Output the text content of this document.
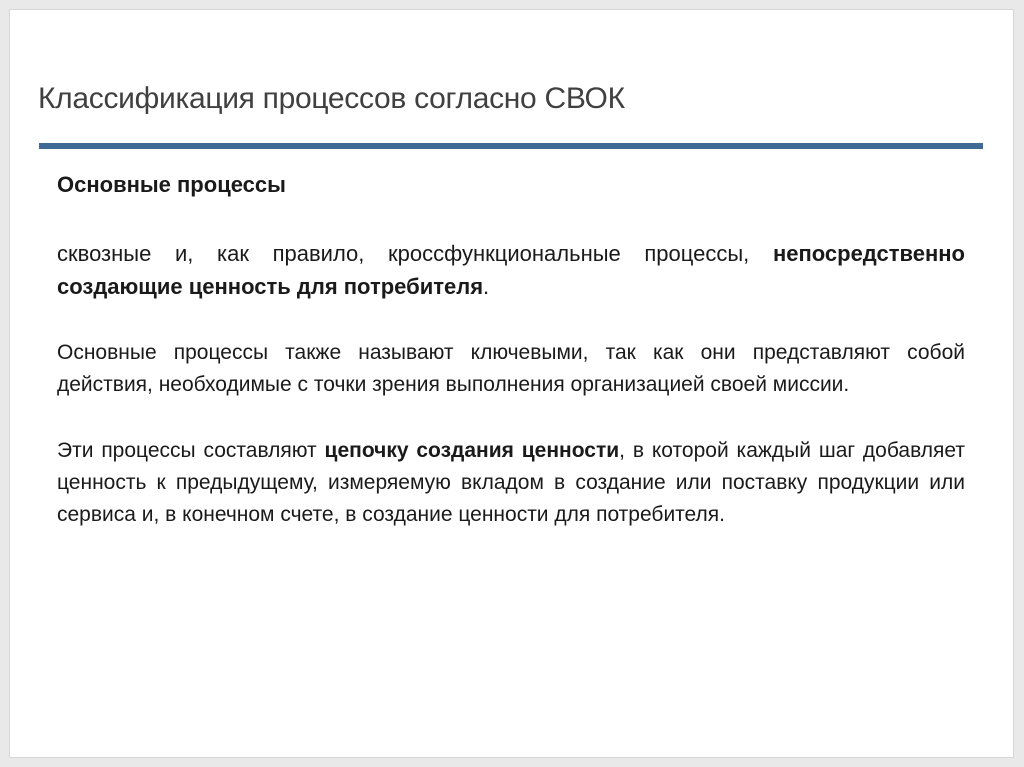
Классификация процессов согласно СВОК
Основные процессы

сквозные и, как правило, кроссфункциональные процессы, непосредственно создающие ценность для потребителя.

Основные процессы также называют ключевыми, так как они представляют собой действия, необходимые с точки зрения выполнения организацией своей миссии.

Эти процессы составляют цепочку создания ценности, в которой каждый шаг добавляет ценность к предыдущему, измеряемую вкладом в создание или поставку продукции или сервиса и, в конечном счете, в создание ценности для потребителя.
